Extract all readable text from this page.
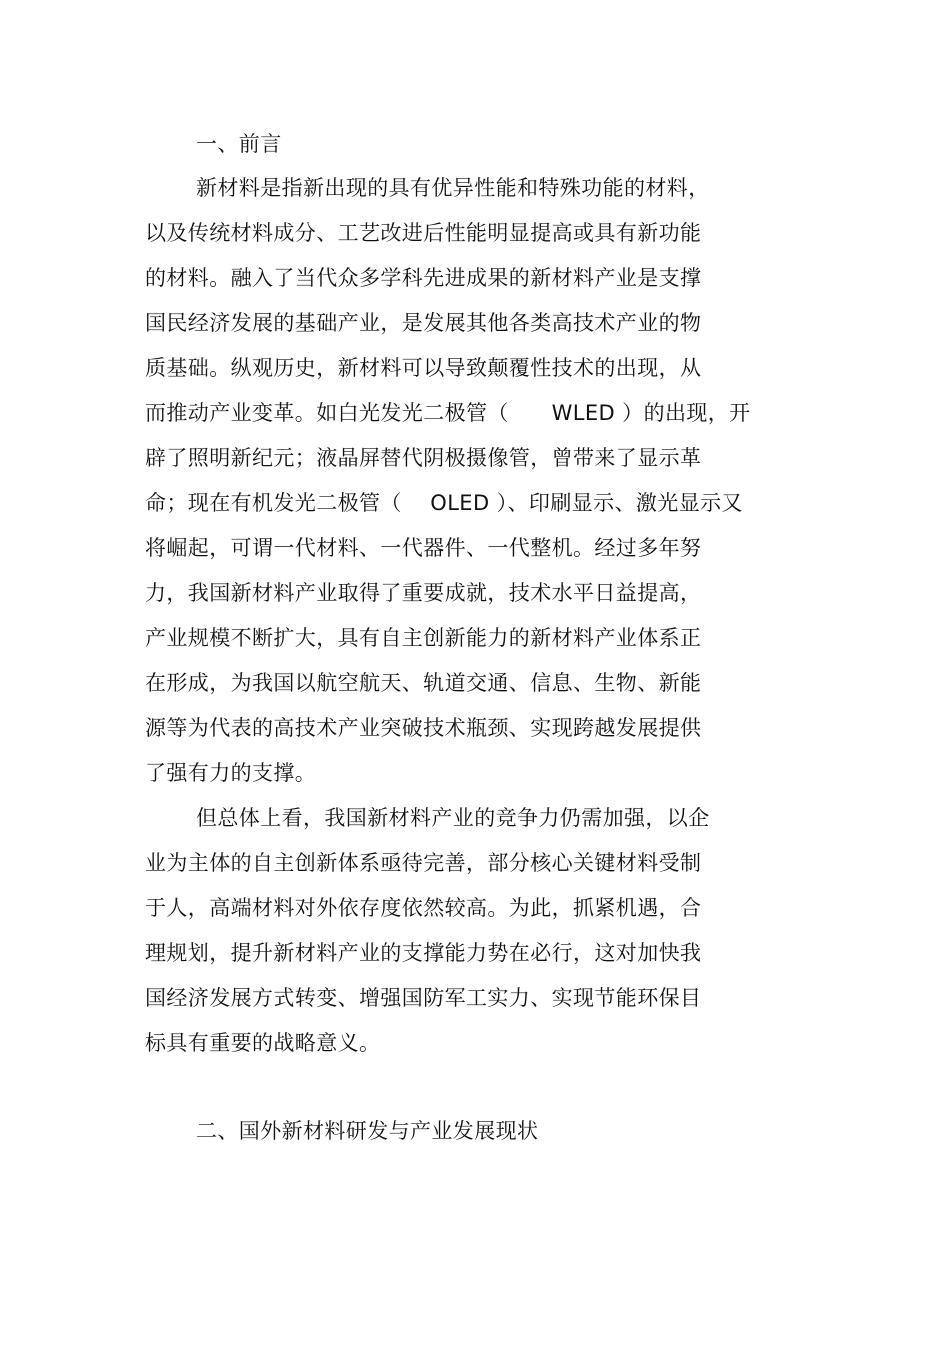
一、前言
新材料是指新出现的具有优异性能和特殊功能的材料，
以及传统材料成分、工艺改进后性能明显提高或具有新功能
的材料。融入了当代众多学科先进成果的新材料产业是支撑
国民经济发展的基础产业，是发展其他各类高技术产业的物
质基础。纵观历史，新材料可以导致颠覆性技术的出现，从
而推动产业变革。如白光发光二极管（　　WLED ）的出现，开
辟了照明新纪元；液晶屏替代阴极摄像管，曾带来了显示革
命；现在有机发光二极管（　 OLED ）、印刷显示、激光显示又
将崛起，可谓一代材料、一代器件、一代整机。经过多年努
力，我国新材料产业取得了重要成就，技术水平日益提高，
产业规模不断扩大，具有自主创新能力的新材料产业体系正
在形成，为我国以航空航天、轨道交通、信息、生物、新能
源等为代表的高技术产业突破技术瓶颈、实现跨越发展提供
了强有力的支撑。
但总体上看，我国新材料产业的竞争力仍需加强，以企
业为主体的自主创新体系亟待完善，部分核心关键材料受制
于人，高端材料对外依存度依然较高。为此，抓紧机遇，合
理规划，提升新材料产业的支撑能力势在必行，这对加快我
国经济发展方式转变、增强国防军工实力、实现节能环保目
标具有重要的战略意义。
二、国外新材料研发与产业发展现状
